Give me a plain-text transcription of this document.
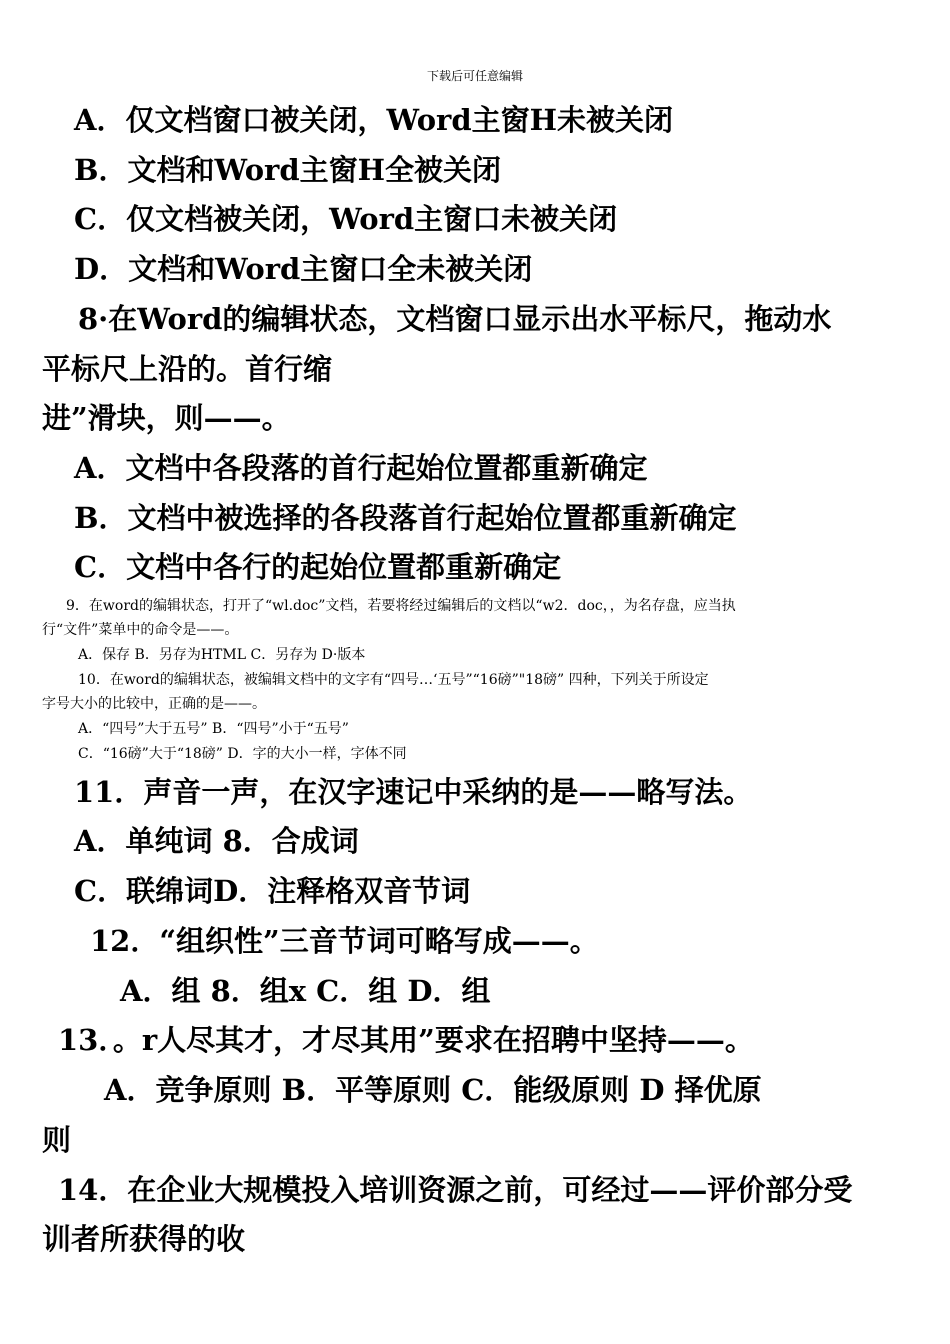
下载后可任意编辑
A．仅文档窗口被关闭，Word主窗H未被关闭
B．文档和Word主窗H全被关闭
C．仅文档被关闭，Word主窗口未被关闭
D．文档和Word主窗口全未被关闭
8·在Word的编辑状态，文档窗口显示出水平标尺，拖动水
平标尺上沿的。首行缩
进”滑块，则——。
A．文档中各段落的首行起始位置都重新确定
B．文档中被选择的各段落首行起始位置都重新确定
C．文档中各行的起始位置都重新确定
9．在word的编辑状态，打开了“wl.doc”文档，若要将经过编辑后的文档以“w2．doc，，为名存盘，应当执
行“文件”菜单中的命令是——。
A．保存 B．另存为HTML C．另存为 D·版本
10．在word的编辑状态，被编辑文档中的文字有“四号…‘五号”“16磅”"18磅” 四种，下列关于所设定
字号大小的比较中，正确的是——。
A．“四号”大于五号” B．“四号”小于“五号”
C．“16磅”大于“18磅” D．字的大小一样，字体不同
11．声音一声，在汉字速记中采纳的是——略写法。
A．单纯词 8．合成词
C．联绵词D．注释格双音节词
12．“组织性”三音节词可略写成——。
A．组 8．组x C．组 D．组
13．。r人尽其才，才尽其用”要求在招聘中坚持——。
A．竞争原则 B．平等原则 C．能级原则 D 择优原
则
14．在企业大规模投入培训资源之前，可经过——评价部分受
训者所获得的收
